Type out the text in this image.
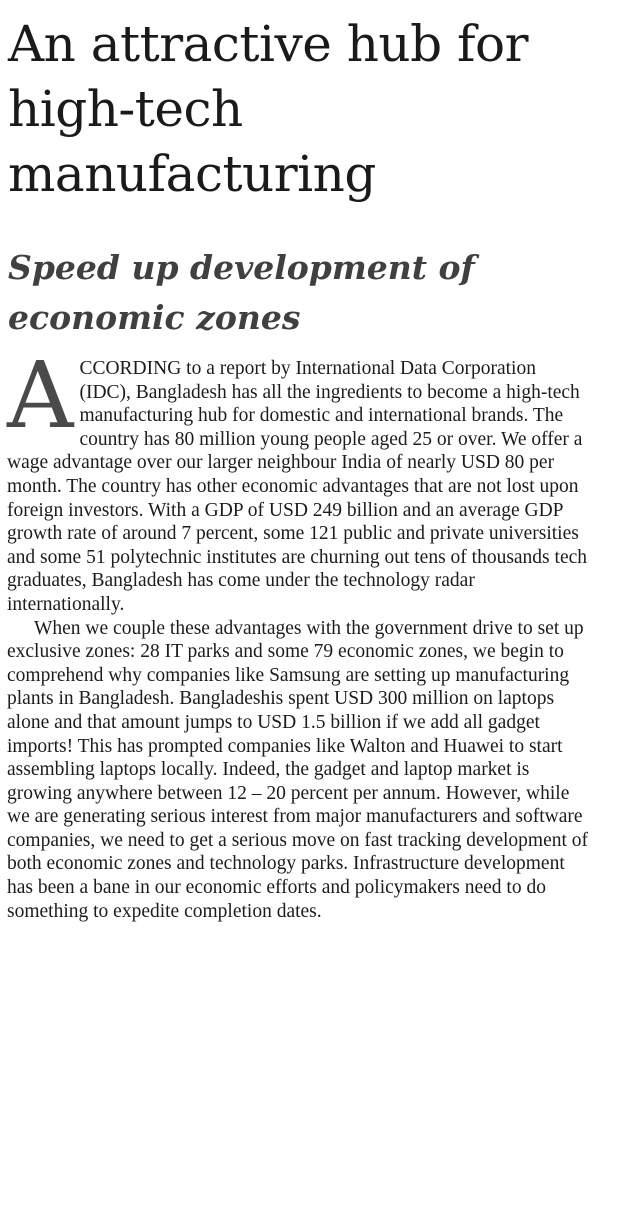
An attractive hub for high-tech manufacturing
Speed up development of economic zones

ACCORDING to a report by International Data Corporation (IDC), Bangladesh has all the ingredients to become a high-tech manufacturing hub for domestic and international brands. The country has 80 million young people aged 25 or over. We offer a wage advantage over our larger neighbour India of nearly USD 80 per month. The country has other economic advantages that are not lost upon foreign investors. With a GDP of USD 249 billion and an average GDP growth rate of around 7 percent, some 121 public and private universities and some 51 polytechnic institutes are churning out tens of thousands tech graduates, Bangladesh has come under the technology radar internationally.

When we couple these advantages with the government drive to set up exclusive zones: 28 IT parks and some 79 economic zones, we begin to comprehend why companies like Samsung are setting up manufacturing plants in Bangladesh. Bangladeshis spent USD 300 million on laptops alone and that amount jumps to USD 1.5 billion if we add all gadget imports! This has prompted companies like Walton and Huawei to start assembling laptops locally. Indeed, the gadget and laptop market is growing anywhere between 12 – 20 percent per annum. However, while we are generating serious interest from major manufacturers and software companies, we need to get a serious move on fast tracking development of both economic zones and technology parks. Infrastructure development has been a bane in our economic efforts and policymakers need to do something to expedite completion dates.
